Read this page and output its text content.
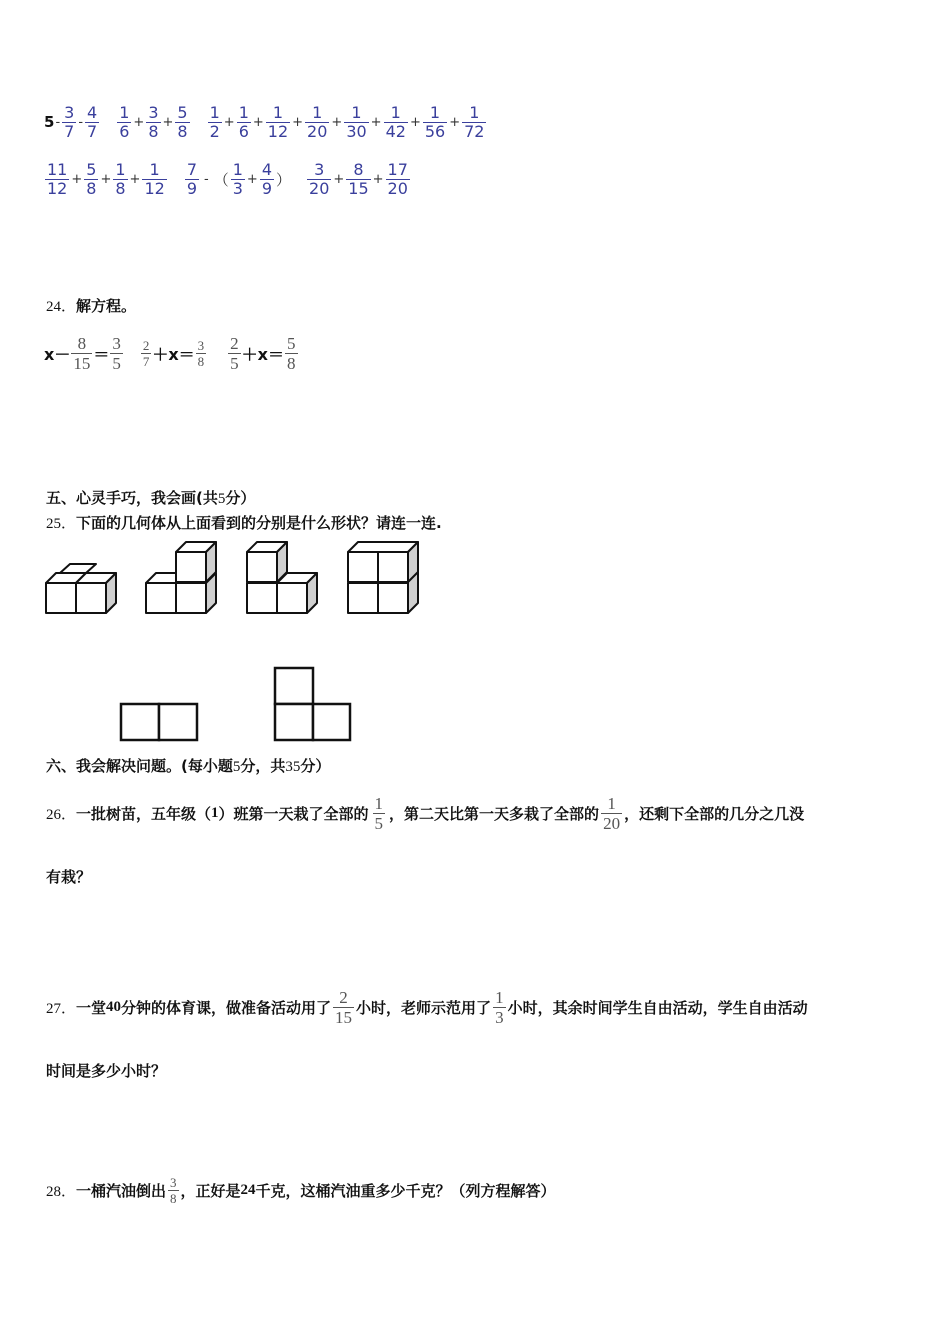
$5 - \frac{3}{7} - \frac{4}{7} \frac{1}{6} + \frac{3}{8} + \frac{5}{8} \frac{1}{2} + \frac{1}{6} + \frac{1}{12} + \frac{1}{20} + \frac{1}{30} + \frac{1}{42} + \frac{1}{56} + \frac{1}{72}$
$\frac{11}{12} + \frac{5}{8} + \frac{1}{8} + \frac{1}{12} \frac{7}{9}$ - （ $\frac{1}{3} + \frac{4}{9}$ ） $\frac{3}{20} + \frac{8}{15} + \frac{17}{20}$
24．解方程。
$x- \frac{8}{15} = \frac{3}{5} \frac{2}{7} +x= \frac{3}{8} \frac{2}{5} +x= \frac{5}{8}$
五、心灵手巧，我会画(共5分）
25．下面的几何体从上面看到的分别是什么形状？请连一连.
六、我会解决问题。(每小题5分，共35分）
26． 一批树苗，五年级（ 1 ）班第一天栽了全部的 $\frac{1}{5}$ ，第二天比第一天多栽了全部的 $\frac{1}{20}$ ，还剩下全部的几分之几没
有栽？
27． 一堂 40 分钟的体育课，做准备活动用了 $\frac{2}{15}$ 小时，老师示范用了 $\frac{1}{3}$ 小时，其余时间学生自由活动，学生自由活动
时间是多少小时？
28． 一桶汽油倒出 $\frac{3}{8}$ ，正好是 24 千克，这桶汽油重多少千克？（列方程解答）
